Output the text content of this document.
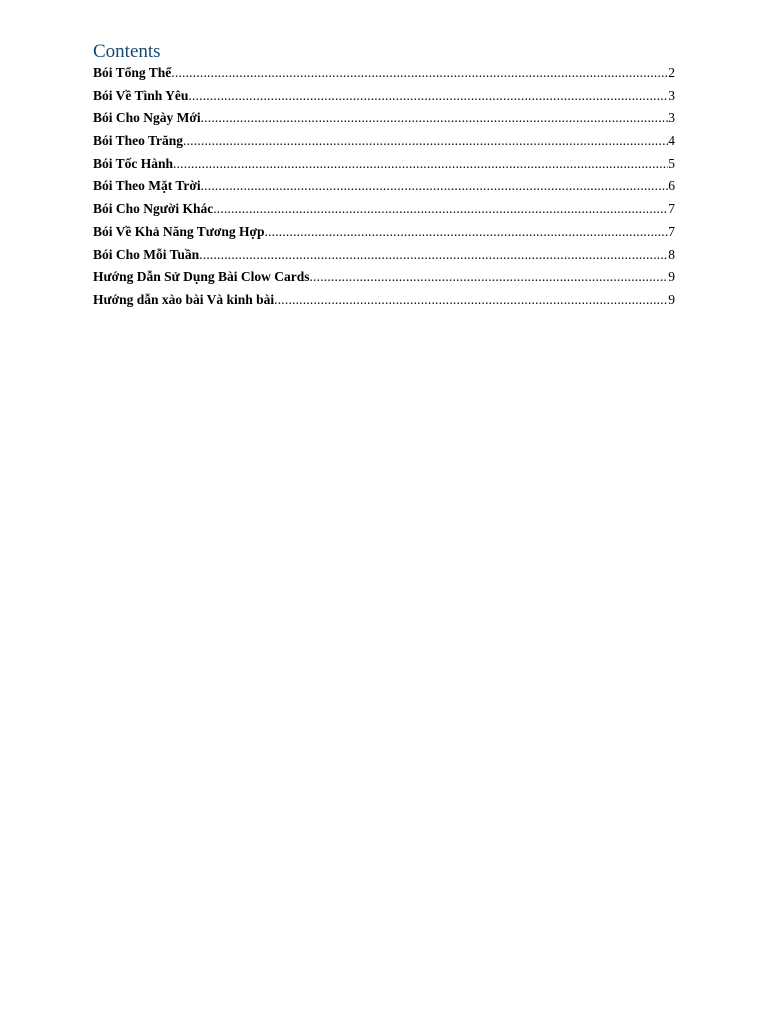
Contents
Bói Tổng Thể .....	2
Bói Về Tình Yêu .....	3
Bói Cho Ngày Mới .....	3
Bói Theo Trăng .....	4
Bói Tốc Hành .....	5
Bói Theo Mặt Trời .....	6
Bói Cho Người Khác .....	7
Bói Về Khả Năng Tương Hợp .....	7
Bói Cho Mỗi Tuần .....	8
Hướng Dẫn Sử Dụng Bài Clow Cards .....	9
Hướng dẫn xào bài Và kinh bài .....	9
